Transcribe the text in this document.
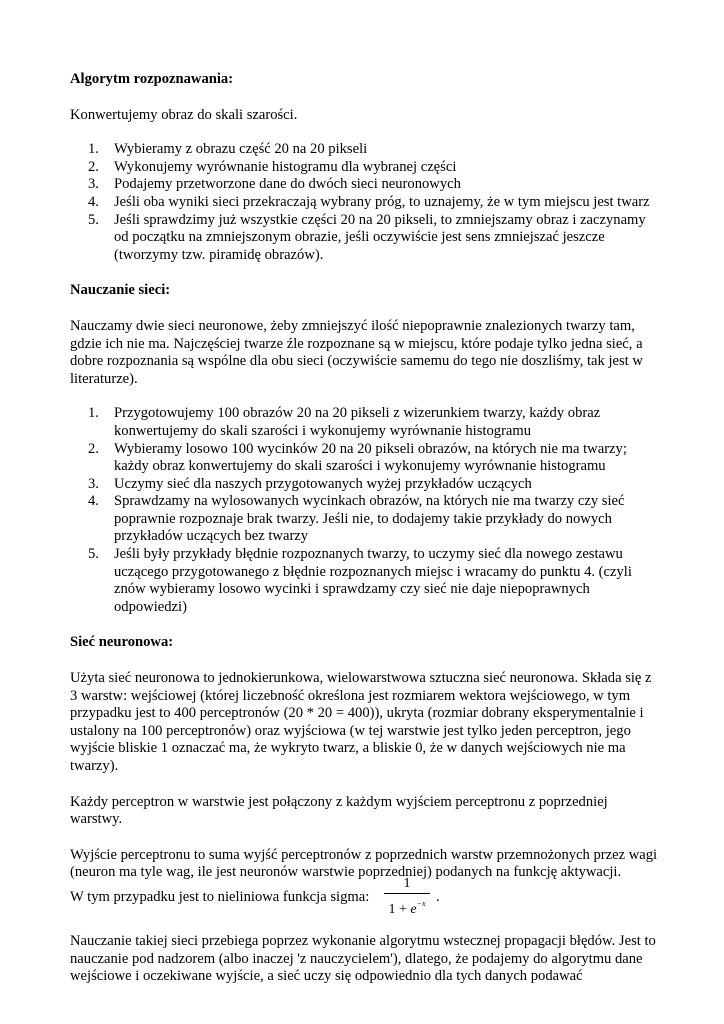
Algorytm rozpoznawania:

Konwertujemy obraz do skali szarości.

1. Wybieramy z obrazu część 20 na 20 pikseli
2. Wykonujemy wyrównanie histogramu dla wybranej części
3. Podajemy przetworzone dane do dwóch sieci neuronowych
4. Jeśli oba wyniki sieci przekraczają wybrany próg, to uznajemy, że w tym miejscu jest twarz
5. Jeśli sprawdzimy już wszystkie części 20 na 20 pikseli, to zmniejszamy obraz i zaczynamy od początku na zmniejszonym obrazie, jeśli oczywiście jest sens zmniejszać jeszcze (tworzymy tzw. piramidę obrazów).
Nauczanie sieci:

Nauczamy dwie sieci neuronowe, żeby zmniejszyć ilość niepoprawnie znalezionych twarzy tam, gdzie ich nie ma. Najczęściej twarze źle rozpoznane są w miejscu, które podaje tylko jedna sieć, a dobre rozpoznania są wspólne dla obu sieci (oczywiście samemu do tego nie doszliśmy, tak jest w literaturze).

1. Przygotowujemy 100 obrazów 20 na 20 pikseli z wizerunkiem twarzy, każdy obraz konwertujemy do skali szarości i wykonujemy wyrównanie histogramu
2. Wybieramy losowo 100 wycinków 20 na 20 pikseli obrazów, na których nie ma twarzy; każdy obraz konwertujemy do skali szarości i wykonujemy wyrównanie histogramu
3. Uczymy sieć dla naszych przygotowanych wyżej przykładów uczących
4. Sprawdzamy na wylosowanych wycinkach obrazów, na których nie ma twarzy czy sieć poprawnie rozpoznaje brak twarzy. Jeśli nie, to dodajemy takie przykłady do nowych przykładów uczących bez twarzy
5. Jeśli były przykłady błędnie rozpoznanych twarzy, to uczymy sieć dla nowego zestawu uczącego przygotowanego z błędnie rozpoznanych miejsc i wracamy do punktu 4. (czyli znów wybieramy losowo wycinki i sprawdzamy czy sieć nie daje niepoprawnych odpowiedzi)
Sieć neuronowa:

Użyta sieć neuronowa to jednokierunkowa, wielowarstwowa sztuczna sieć neuronowa. Składa się z 3 warstw: wejściowej (której liczebność określona jest rozmiarem wektora wejściowego, w tym przypadku jest to 400 perceptronów (20 * 20 = 400)), ukryta (rozmiar dobrany eksperymentalnie i ustalony na 100 perceptronów) oraz wyjściowa (w tej warstwie jest tylko jeden perceptron, jego wyjście bliskie 1 oznaczać ma, że wykryto twarz, a bliskie 0, że w danych wejściowych nie ma twarzy).

Każdy perceptron w warstwie jest połączony z każdym wyjściem perceptronu z poprzedniej warstwy.

Wyjście perceptronu to suma wyjść perceptronów z poprzednich warstw przemnożonych przez wagi (neuron ma tyle wag, ile jest neuronów warstwie poprzedniej) podanych na funkcję aktywacji.

W tym przypadku jest to nieliniowa funkcja sigma:
1
$1 + e^{-x}$ .

Nauczanie takiej sieci przebiega poprzez wykonanie algorytmu wstecznej propagacji błędów. Jest to nauczanie pod nadzorem (albo inaczej 'z nauczycielem'), dlatego, że podajemy do algorytmu dane wejściowe i oczekiwane wyjście, a sieć uczy się odpowiednio dla tych danych podawać
